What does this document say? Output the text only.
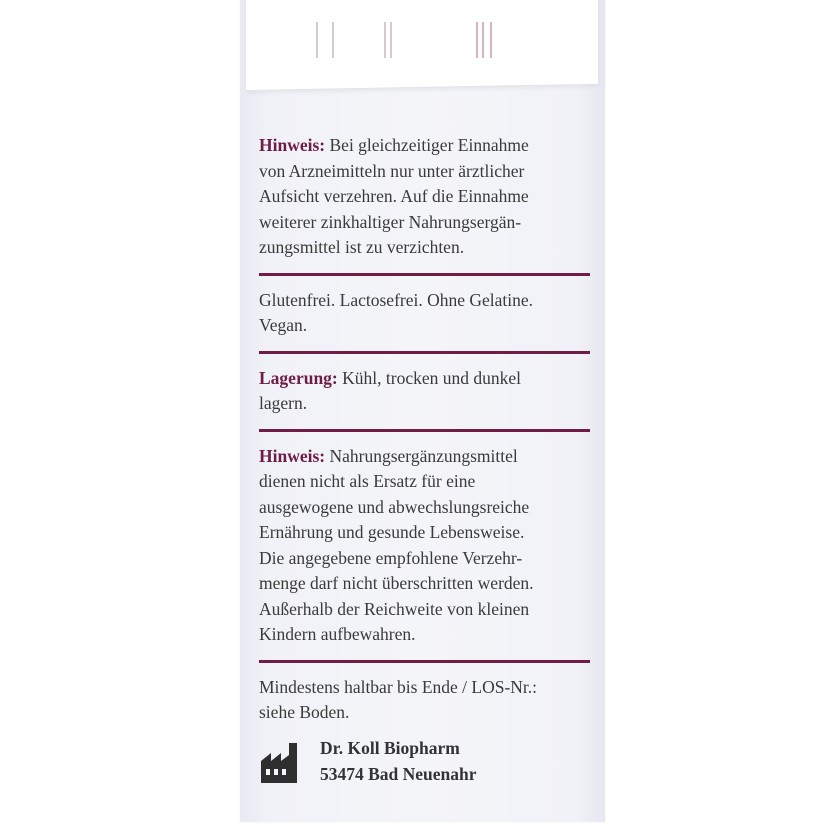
Hinweis: Bei gleichzeitiger Einnahme

von Arzneimitteln nur unter ärztlicher

Aufsicht verzehren. Auf die Einnahme

weiterer zinkhaltiger Nahrungsergän-

zungsmittel ist zu verzichten.

Glutenfrei. Lactosefrei. Ohne Gelatine.

Vegan.

Lagerung: Kühl, trocken und dunkel

lagern.

Hinweis: Nahrungsergänzungsmittel

dienen nicht als Ersatz für eine

ausgewogene und abwechslungsreiche

Ernährung und gesunde Lebensweise.

Die angegebene empfohlene Verzehr-

menge darf nicht überschritten werden.

Außerhalb der Reichweite von kleinen

Kindern aufbewahren.

Mindestens haltbar bis Ende / LOS-Nr.:

siehe Boden.

Dr. Koll Biopharm
53474 Bad Neuenahr
